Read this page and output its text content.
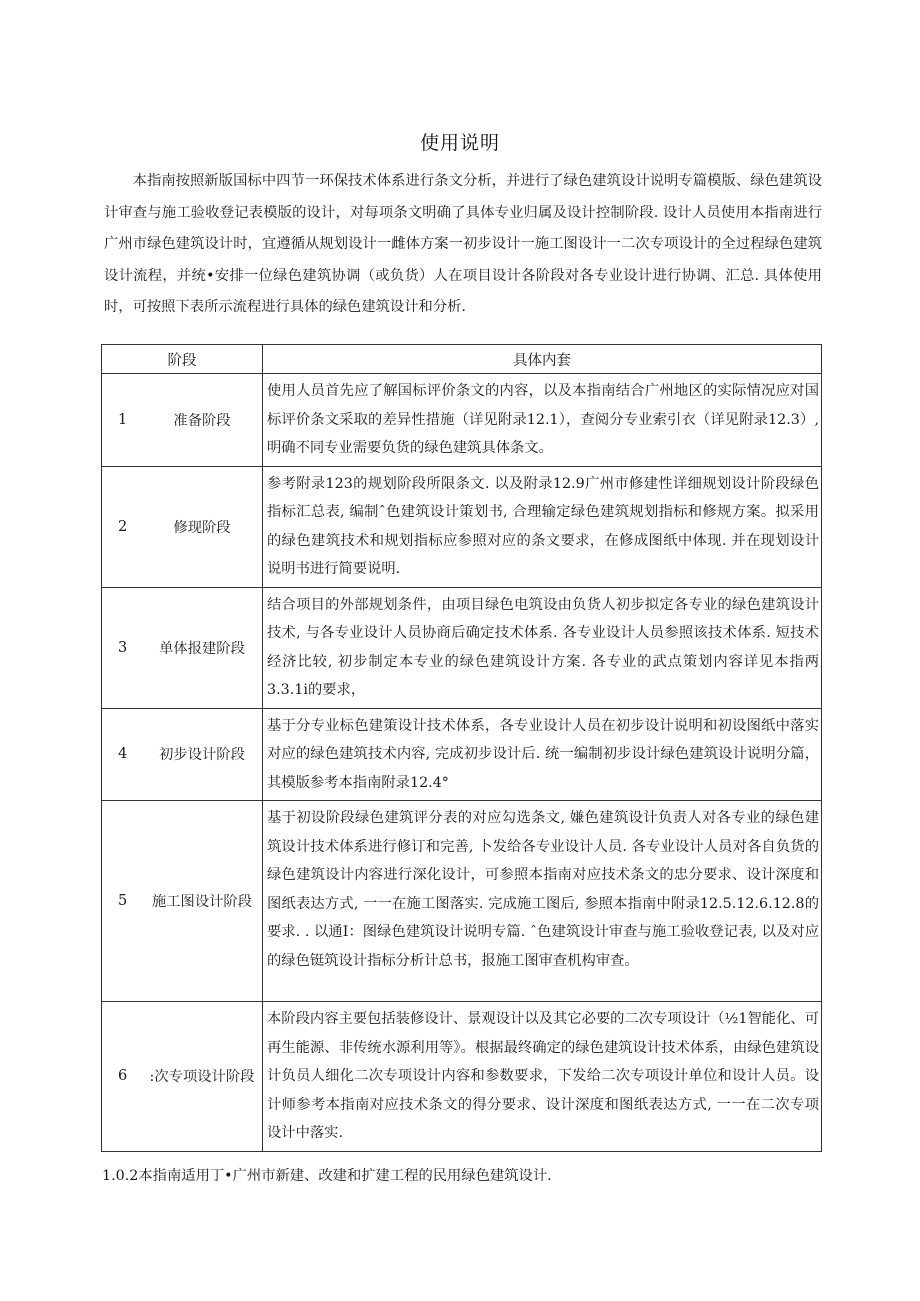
使用说明

本指南按照新版国标中四节一环保技术体系进行条文分析，并进行了绿色建筑设计说明专篇模版、绿色建筑设计审查与施工验收登记表模版的设计，对每项条文明确了具体专业归属及设计控制阶段. 设计人员使用本指南进行广州市绿色建筑设计时，宜遵循从规划设计一雌体方案一初步设计一施工图设计一二次专项设计的全过程绿色建筑设计流程，并统•安排一位绿色建筑协调（或负货）人在项目设计各阶段对各专业设计进行协调、汇总. 具体使用时，可按照下表所示流程进行具体的绿色建筑设计和分析.

阶段	具体内套

1 准备阶段	使用人员首先应了解国标评价条文的内容，以及本指南结合广州地区的实际情况应对国标评价条文采取的差异性措施（详见附录12.1），查阅分专业索引衣（详见附录12.3）,明确不同专业需要负货的绿色建筑具体条文。

2 修现阶段	参考附录123的规划阶段所限条文. 以及附录12.9广州市修建性详细规划设计阶段绿色指标汇总表, 编制ˆ色建筑设计策划书, 合理输定绿色建筑规划指标和修规方案。拟采用的绿色建筑技术和规划指标应参照对应的条文要求，在修成图纸中体现. 并在现划设计说明书进行简要说明.

3 单体报建阶段	结合项目的外部规划条件，由项目绿色电筑设由负货人初步拟定各专业的绿色建筑设计技术, 与各专业设计人员协商后确定技术体系. 各专业设计人员参照该技术体系. 短技术经济比较, 初步制定本专业的绿色建筑设计方案. 各专业的武点策划内容详见本指两3.3.1i的要求，

4 初步设计阶段	基于分专业标色建策设计技术体系，各专业设计人员在初步设计说明和初设图纸中落实对应的绿色建筑技术内容, 完成初步设计后. 统一编制初步设计绿色建筑设计说明分篇，其模版参考本指南附录12.4°

5 施工图设计阶段	基于初设阶段绿色建筑评分表的对应勾选条文, 嫌色建筑设计负责人对各专业的绿色建筑设计技术体系进行修订和完善, 卜发给各专业设计人员. 各专业设计人员对各自负货的绿色建筑设计内容进行深化设计，可参照本指南对应技术条文的忠分要求、设计深度和图纸表达方式, 一一在施工图落实. 完成施工图后, 参照本指南中附录12.5.12.6.12.8的要求. . 以通I：图绿色建筑设计说明专篇. ˆ色建筑设计审查与施工验收登记表, 以及对应的绿色铤筑设计指标分析计总书，报施工图审查机构审查。

6 :次专项设计阶段	本阶段内容主要包括装修设计、景观设计以及其它必要的二次专项设计（½1智能化、可再生能源、非传统水源利用等》。根据最终确定的绿色建筑设计技术体系，由绿色建筑设计负员人细化二次专项设计内容和参数要求，下发给二次专项设计单位和设计人员。设计师参考本指南对应技术条文的得分要求、设计深度和图纸表达方式, 一一在二次专项设计中落实.

1.0.2本指南适用丁•广州市新建、改建和扩建工程的民用绿色建筑设计.
